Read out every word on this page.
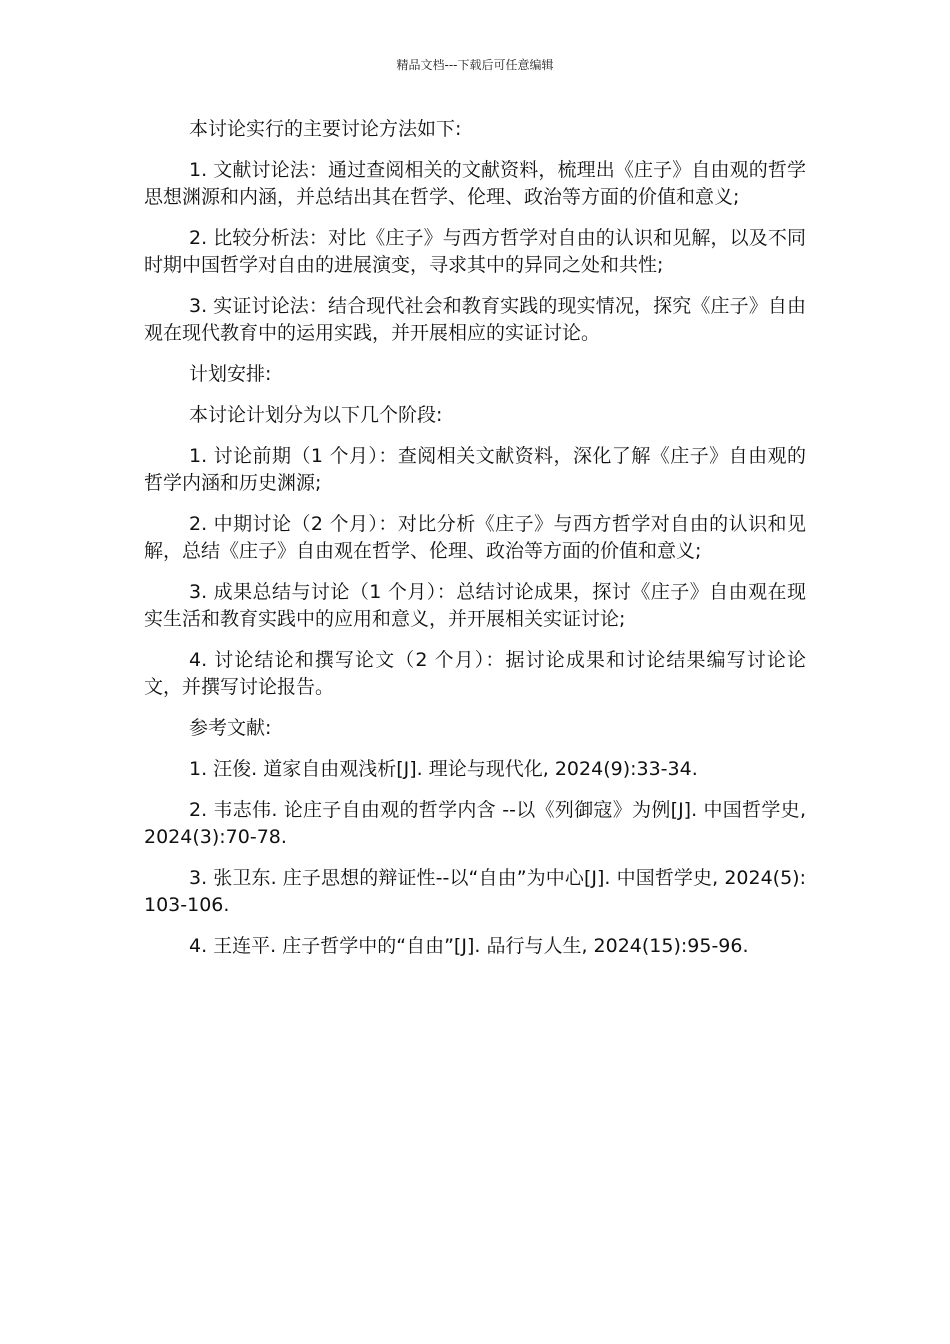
精品文档---下载后可任意编辑

本讨论实行的主要讨论方法如下:

1. 文献讨论法：通过查阅相关的文献资料，梳理出《庄子》自由观的哲学思想渊源和内涵，并总结出其在哲学、伦理、政治等方面的价值和意义;

2. 比较分析法：对比《庄子》与西方哲学对自由的认识和见解，以及不同时期中国哲学对自由的进展演变，寻求其中的异同之处和共性;

3. 实证讨论法：结合现代社会和教育实践的现实情况，探究《庄子》自由观在现代教育中的运用实践，并开展相应的实证讨论。

计划安排:

本讨论计划分为以下几个阶段:

1. 讨论前期（1 个月）：查阅相关文献资料，深化了解《庄子》自由观的哲学内涵和历史渊源;

2. 中期讨论（2 个月）：对比分析《庄子》与西方哲学对自由的认识和见解，总结《庄子》自由观在哲学、伦理、政治等方面的价值和意义;

3. 成果总结与讨论（1 个月）：总结讨论成果，探讨《庄子》自由观在现实生活和教育实践中的应用和意义，并开展相关实证讨论;

4. 讨论结论和撰写论文（2 个月）：据讨论成果和讨论结果编写讨论论文，并撰写讨论报告。

参考文献:

1. 汪俊. 道家自由观浅析[J]. 理论与现代化, 2024(9):33-34.

2. 韦志伟. 论庄子自由观的哲学内含 --以《列御寇》为例[J]. 中国哲学史, 2024(3):70-78.

3. 张卫东. 庄子思想的辩证性--以“自由”为中心[J]. 中国哲学史, 2024(5):103-106.

4. 王连平. 庄子哲学中的“自由”[J]. 品行与人生, 2024(15):95-96.
